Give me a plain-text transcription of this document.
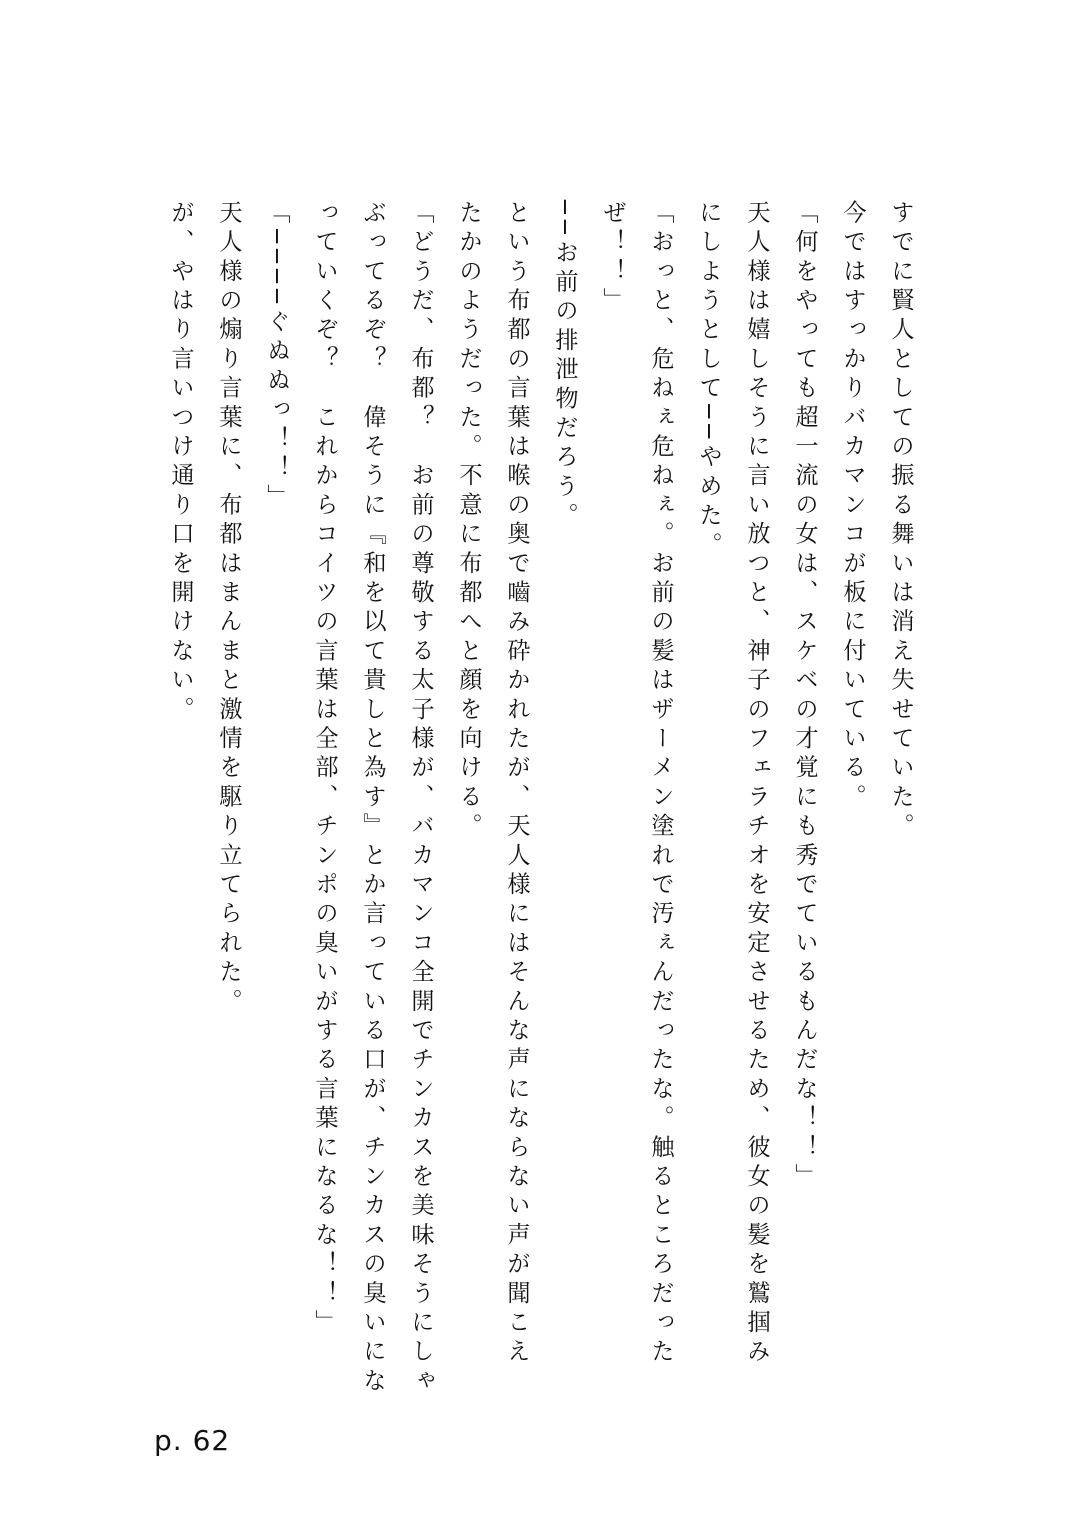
すでに賢人としての振る舞いは消え失せていた。
今ではすっかりバカマンコが板に付いている。
「何をやっても超一流の女は、スケベの才覚にも秀でているもんだな！！」
天人様は嬉しそうに言い放つと、神子のフェラチオを安定させるため、彼女の髪を鷲掴み
にしようとして──やめた。
「おっと、危ねぇ危ねぇ。お前の髪はザーメン塗れで汚ぇんだったな。触るところだった
ぜ！！」
──お前の排泄物だろう。
という布都の言葉は喉の奥で嚙み砕かれたが、天人様にはそんな声にならない声が聞こえ
たかのようだった。不意に布都へと顔を向ける。
「どうだ、布都？　お前の尊敬する太子様が、バカマンコ全開でチンカスを美味そうにしゃ
ぶってるぞ？　偉そうに『和を以て貴しと為す』とか言っている口が、チンカスの臭いにな
っていくぞ？　これからコイツの言葉は全部、チンポの臭いがする言葉になるな！！」
「────ぐぬぬっ！！」
天人様の煽り言葉に、布都はまんまと激情を駆り立てられた。
が、やはり言いつけ通り口を開けない。
p. 62
